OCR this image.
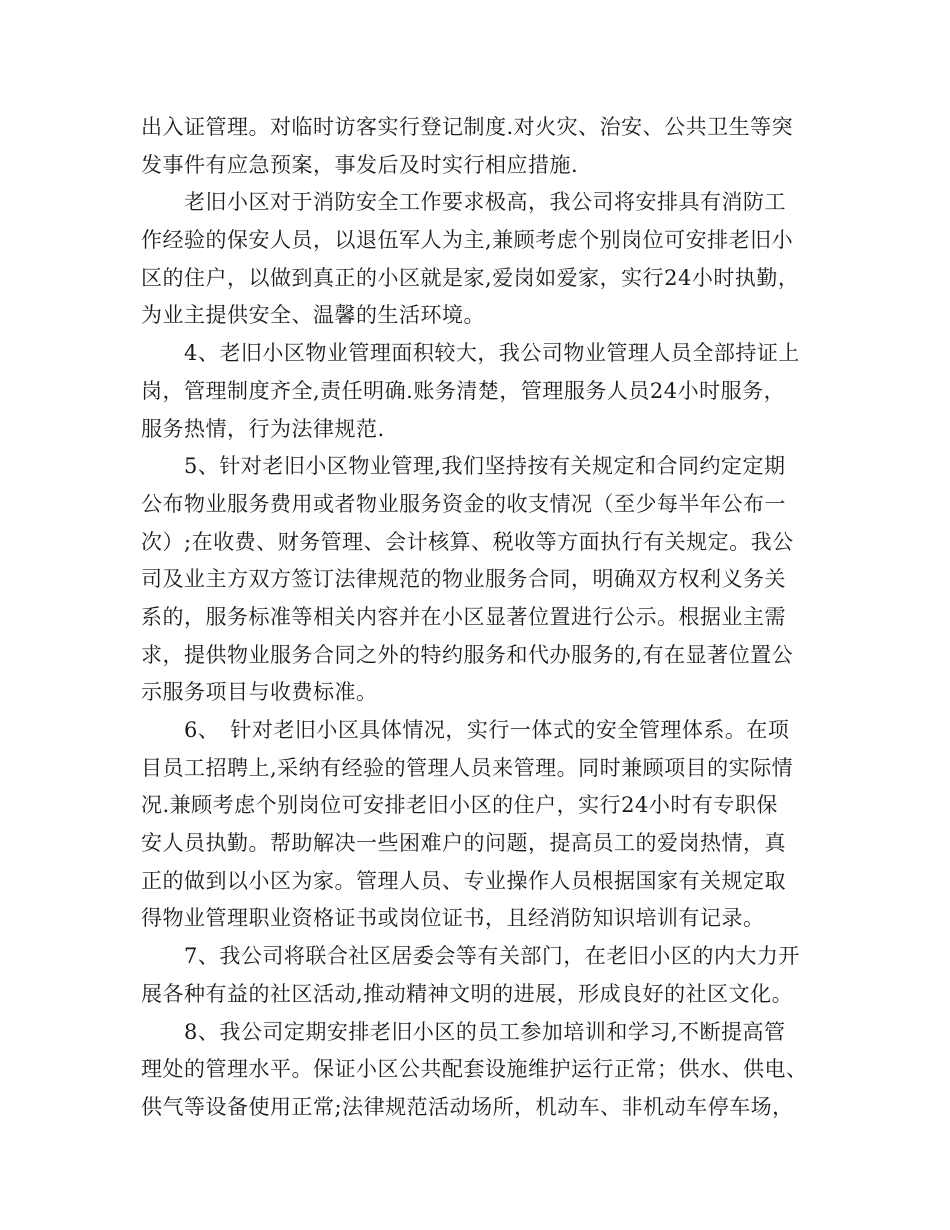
出入证管理。对临时访客实行登记制度.对火灾、治安、公共卫生等突
发事件有应急预案，事发后及时实行相应措施.
　　老旧小区对于消防安全工作要求极高，我公司将安排具有消防工
作经验的保安人员，以退伍军人为主,兼顾考虑个别岗位可安排老旧小
区的住户，以做到真正的小区就是家,爱岗如爱家，实行24小时执勤，
为业主提供安全、温馨的生活环境。
　　4、老旧小区物业管理面积较大，我公司物业管理人员全部持证上
岗，管理制度齐全,责任明确.账务清楚，管理服务人员24小时服务，
服务热情，行为法律规范.
　　5、针对老旧小区物业管理,我们坚持按有关规定和合同约定定期
公布物业服务费用或者物业服务资金的收支情况（至少每半年公布一
次）;在收费、财务管理、会计核算、税收等方面执行有关规定。我公
司及业主方双方签订法律规范的物业服务合同，明确双方权利义务关
系的，服务标准等相关内容并在小区显著位置进行公示。根据业主需
求，提供物业服务合同之外的特约服务和代办服务的,有在显著位置公
示服务项目与收费标准。
　　6、　针对老旧小区具体情况，实行一体式的安全管理体系。在项
目员工招聘上,采纳有经验的管理人员来管理。同时兼顾项目的实际情
况.兼顾考虑个别岗位可安排老旧小区的住户，实行24小时有专职保
安人员执勤。帮助解决一些困难户的问题，提高员工的爱岗热情，真
正的做到以小区为家。管理人员、专业操作人员根据国家有关规定取
得物业管理职业资格证书或岗位证书，且经消防知识培训有记录。
　　7、我公司将联合社区居委会等有关部门，在老旧小区的内大力开
展各种有益的社区活动,推动精神文明的进展，形成良好的社区文化。
　　8、我公司定期安排老旧小区的员工参加培训和学习,不断提高管
理处的管理水平。保证小区公共配套设施维护运行正常；供水、供电、
供气等设备使用正常;法律规范活动场所，机动车、非机动车停车场，
